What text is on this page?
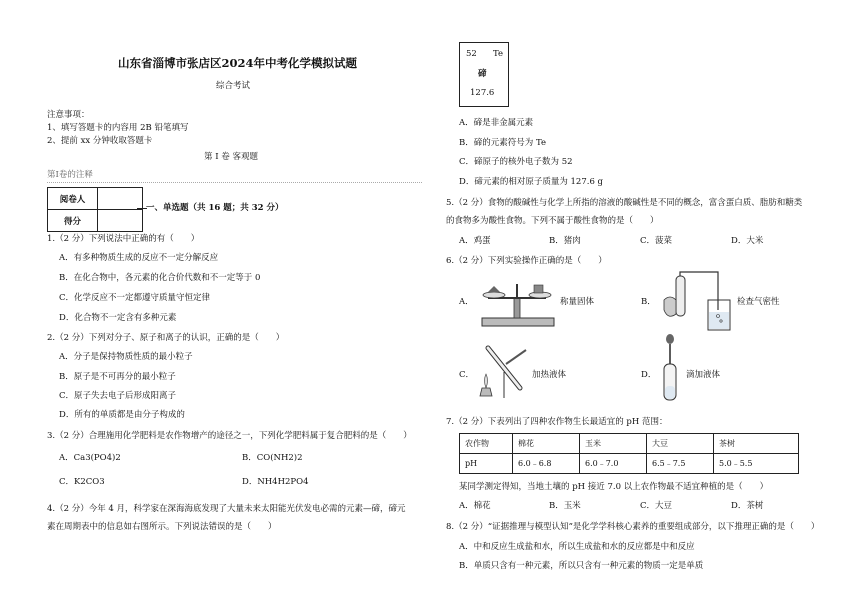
山东省淄博市张店区2024年中考化学模拟试题
综合考试
注意事项：
1、填写答题卡的内容用 2B 铅笔填写
2、提前 xx 分钟收取答题卡
第 Ⅰ 卷 客观题
第Ⅰ卷的注释
阅卷人	
得分	
一、单选题（共 16 题；共 32 分）
1.（2 分）下列说法中正确的有（　　）
A．有多种物质生成的反应不一定分解反应
B．在化合物中，各元素的化合价代数和不一定等于 0
C．化学反应不一定都遵守质量守恒定律
D．化合物不一定含有多种元素
2.（2 分）下列对分子、原子和离子的认识，正确的是（　　）
A．分子是保持物质性质的最小粒子
B．原子是不可再分的最小粒子
C．原子失去电子后形成阳离子
D．所有的单质都是由分子构成的
3.（2 分）合理施用化学肥料是农作物增产的途径之一，下列化学肥料属于复合肥料的是（　　）
A．Ca3(PO4)2	B．CO(NH2)2
C．K2CO3	D．NH4H2PO4
4.（2 分）今年 4 月，科学家在深海海底发现了大量未来太阳能光伏发电必需的元素—碲，碲元
素在周期表中的信息如右图所示。下列说法错误的是（　　）
52 Te
碲
127.6
A．碲是非金属元素
B．碲的元素符号为 Te
C．碲原子的核外电子数为 52
D．碲元素的相对原子质量为 127.6 g
5.（2 分）食物的酸碱性与化学上所指的溶液的酸碱性是不同的概念，富含蛋白质、脂肪和糖类
的食物多为酸性食物。下列不属于酸性食物的是（　　）
A．鸡蛋	B．猪肉	C．菠菜	D．大米
6.（2 分）下列实验操作正确的是（　　）
A．	称量固体	B．	检查气密性
C．	加热液体	D．	滴加液体
7.（2 分）下表列出了四种农作物生长最适宜的 pH 范围：
农作物	棉花	玉米	大豆	茶树
pH	6.0﹣6.8	6.0﹣7.0	6.5﹣7.5	5.0﹣5.5
某同学测定得知，当地土壤的 pH 接近 7.0 以上农作物最不适宜种植的是（　　）
A．棉花	B．玉米	C．大豆	D．茶树
8.（2 分）“证据推理与模型认知”是化学学科核心素养的重要组成部分，以下推理正确的是（　　）
A．中和反应生成盐和水，所以生成盐和水的反应都是中和反应
B．单质只含有一种元素，所以只含有一种元素的物质一定是单质
